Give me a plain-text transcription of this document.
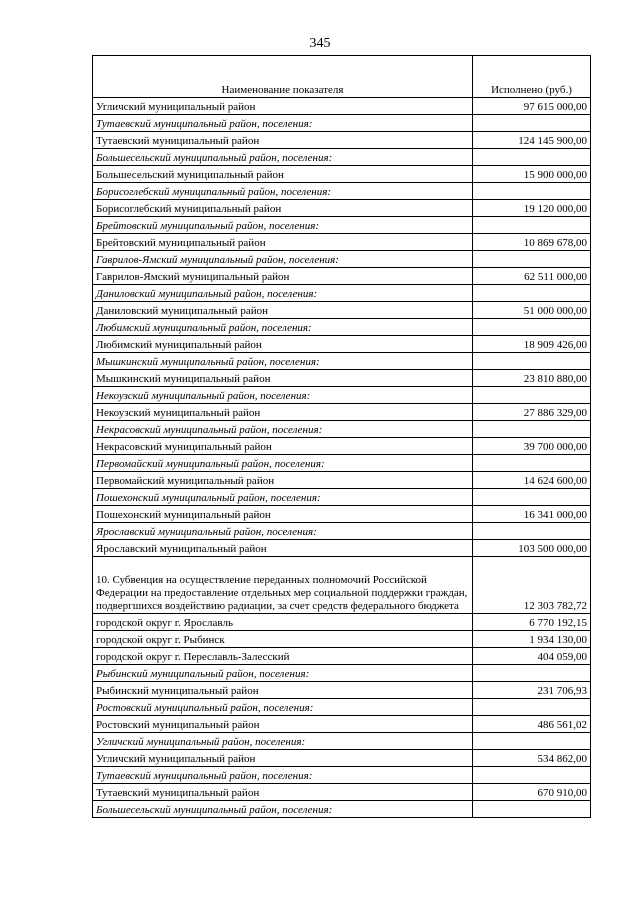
345
Наименование показателя	Исполнено (руб.)
Угличский муниципальный район	97 615 000,00
Тутаевский муниципальный район, поселения:	
Тутаевский муниципальный район	124 145 900,00
Большесельский муниципальный район, поселения:	
Большесельский муниципальный район	15 900 000,00
Борисоглебский муниципальный район, поселения:	
Борисоглебский муниципальный район	19 120 000,00
Брейтовский муниципальный район, поселения:	
Брейтовский муниципальный район	10 869 678,00
Гаврилов-Ямский муниципальный район, поселения:	
Гаврилов-Ямский муниципальный район	62 511 000,00
Даниловский муниципальный район, поселения:	
Даниловский муниципальный район	51 000 000,00
Любимский муниципальный район, поселения:	
Любимский муниципальный район	18 909 426,00
Мышкинский муниципальный район, поселения:	
Мышкинский муниципальный район	23 810 880,00
Некоузский муниципальный район, поселения:	
Некоузский муниципальный район	27 886 329,00
Некрасовский муниципальный район, поселения:	
Некрасовский муниципальный район	39 700 000,00
Первомайский муниципальный район, поселения:	
Первомайский муниципальный район	14 624 600,00
Пошехонский муниципальный район, поселения:	
Пошехонский муниципальный район	16 341 000,00
Ярославский муниципальный район, поселения:	
Ярославский муниципальный район	103 500 000,00
10. Субвенция на осуществление переданных полномочий Российской Федерации на предоставление отдельных мер социальной поддержки граждан, подвергшихся воздействию радиации, за счет средств федерального бюджета	12 303 782,72
городской округ г. Ярославль	6 770 192,15
городской округ г. Рыбинск	1 934 130,00
городской округ г. Переславль-Залесский	404 059,00
Рыбинский муниципальный район, поселения:	
Рыбинский муниципальный район	231 706,93
Ростовский муниципальный район, поселения:	
Ростовский муниципальный район	486 561,02
Угличский муниципальный район, поселения:	
Угличский муниципальный район	534 862,00
Тутаевский муниципальный район, поселения:	
Тутаевский муниципальный район	670 910,00
Большесельский муниципальный район, поселения:	
